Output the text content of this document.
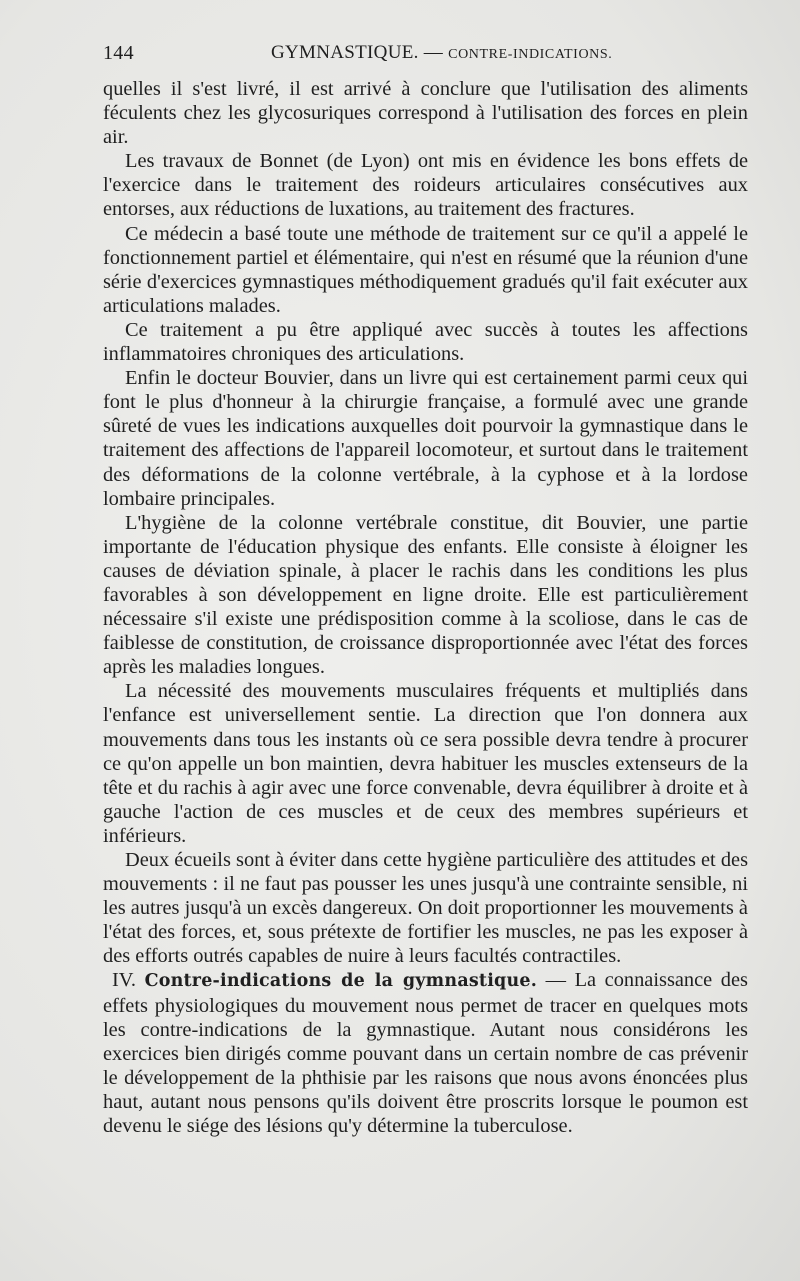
144	GYMNASTIQUE. — CONTRE-INDICATIONS.

quelles il s'est livré, il est arrivé à conclure que l'utilisation des aliments féculents chez les glycosuriques correspond à l'utilisation des forces en plein air.

Les travaux de Bonnet (de Lyon) ont mis en évidence les bons effets de l'exercice dans le traitement des roideurs articulaires consécutives aux entorses, aux réductions de luxations, au traitement des fractures.

Ce médecin a basé toute une méthode de traitement sur ce qu'il a appelé le fonctionnement partiel et élémentaire, qui n'est en résumé que la réunion d'une série d'exercices gymnastiques méthodiquement gradués qu'il fait exécuter aux articulations malades.

Ce traitement a pu être appliqué avec succès à toutes les affections inflammatoires chroniques des articulations.

Enfin le docteur Bouvier, dans un livre qui est certainement parmi ceux qui font le plus d'honneur à la chirurgie française, a formulé avec une grande sûreté de vues les indications auxquelles doit pourvoir la gymnastique dans le traitement des affections de l'appareil locomoteur, et surtout dans le traitement des déformations de la colonne vertébrale, à la cyphose et à la lordose lombaire principales.

L'hygiène de la colonne vertébrale constitue, dit Bouvier, une partie importante de l'éducation physique des enfants. Elle consiste à éloigner les causes de déviation spinale, à placer le rachis dans les conditions les plus favorables à son développement en ligne droite. Elle est particulièrement nécessaire s'il existe une prédisposition comme à la scoliose, dans le cas de faiblesse de constitution, de croissance disproportionnée avec l'état des forces après les maladies longues.

La nécessité des mouvements musculaires fréquents et multipliés dans l'enfance est universellement sentie. La direction que l'on donnera aux mouvements dans tous les instants où ce sera possible devra tendre à procurer ce qu'on appelle un bon maintien, devra habituer les muscles extenseurs de la tête et du rachis à agir avec une force convenable, devra équilibrer à droite et à gauche l'action de ces muscles et de ceux des membres supérieurs et inférieurs.

Deux écueils sont à éviter dans cette hygiène particulière des attitudes et des mouvements : il ne faut pas pousser les unes jusqu'à une contrainte sensible, ni les autres jusqu'à un excès dangereux. On doit proportionner les mouvements à l'état des forces, et, sous prétexte de fortifier les muscles, ne pas les exposer à des efforts outrés capables de nuire à leurs facultés contractiles.

IV. Contre-indications de la gymnastique. — La connaissance des effets physiologiques du mouvement nous permet de tracer en quelques mots les contre-indications de la gymnastique. Autant nous considérons les exercices bien dirigés comme pouvant dans un certain nombre de cas prévenir le développement de la phthisie par les raisons que nous avons énoncées plus haut, autant nous pensons qu'ils doivent être proscrits lorsque le poumon est devenu le siége des lésions qu'y détermine la tuberculose.
